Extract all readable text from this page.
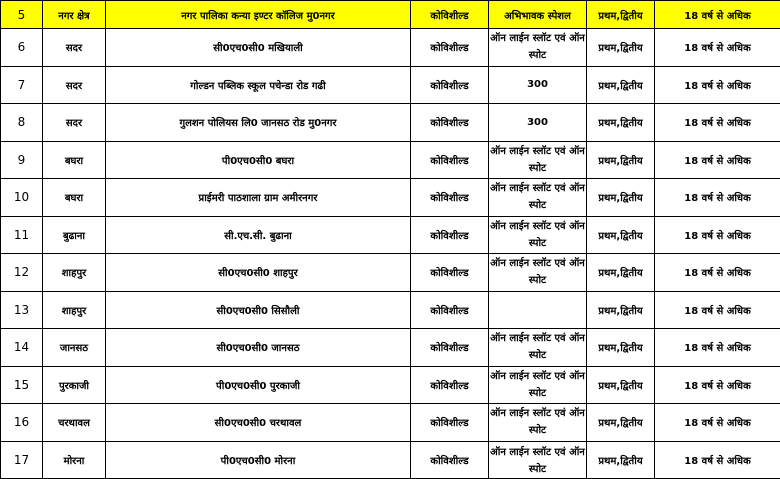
5	नगर क्षेत्र	नगर पालिका कन्या इण्टर कॉलिज मु0नगर	कोविशील्ड	अभिभावक स्पेशल	प्रथम,द्वितीय	18 वर्ष से अधिक
6	सदर	सी0एच0सी0 मखियाली	कोविशील्ड	ऑन लाईन स्लॉट एवं ऑन स्पोट	प्रथम,द्वितीय	18 वर्ष से अधिक
7	सदर	गोल्डन पब्लिक स्कूल पचेन्डा रोड गढी	कोविशील्ड	300	प्रथम,द्वितीय	18 वर्ष से अधिक
8	सदर	गुलशन पोलियस लि0 जानसठ रोड मु0नगर	कोविशील्ड	300	प्रथम,द्वितीय	18 वर्ष से अधिक
9	बघरा	पी0एच0सी0 बघरा	कोविशील्ड	ऑन लाईन स्लॉट एवं ऑन स्पोट	प्रथम,द्वितीय	18 वर्ष से अधिक
10	बघरा	प्राईमरी पाठशाला ग्राम अमीरनगर	कोविशील्ड	ऑन लाईन स्लॉट एवं ऑन स्पोट	प्रथम,द्वितीय	18 वर्ष से अधिक
11	बुढाना	सी.एच.सी. बुढाना	कोविशील्ड	ऑन लाईन स्लॉट एवं ऑन स्पोट	प्रथम,द्वितीय	18 वर्ष से अधिक
12	शाहपुर	सी0एच0सी0 शाहपुर	कोविशील्ड	ऑन लाईन स्लॉट एवं ऑन स्पोट	प्रथम,द्वितीय	18 वर्ष से अधिक
13	शाहपुर	सी0एच0सी0 सिसौली	कोविशील्ड		प्रथम,द्वितीय	18 वर्ष से अधिक
14	जानसठ	सी0एच0सी0 जानसठ	कोविशील्ड	ऑन लाईन स्लॉट एवं ऑन स्पोट	प्रथम,द्वितीय	18 वर्ष से अधिक
15	पुरकाजी	पी0एच0सी0 पुरकाजी	कोविशील्ड	ऑन लाईन स्लॉट एवं ऑन स्पोट	प्रथम,द्वितीय	18 वर्ष से अधिक
16	चरथावल	सी0एच0सी0 चरथावल	कोविशील्ड	ऑन लाईन स्लॉट एवं ऑन स्पोट	प्रथम,द्वितीय	18 वर्ष से अधिक
17	मोरना	पी0एच0सी0 मोरना	कोविशील्ड	ऑन लाईन स्लॉट एवं ऑन स्पोट	प्रथम,द्वितीय	18 वर्ष से अधिक
